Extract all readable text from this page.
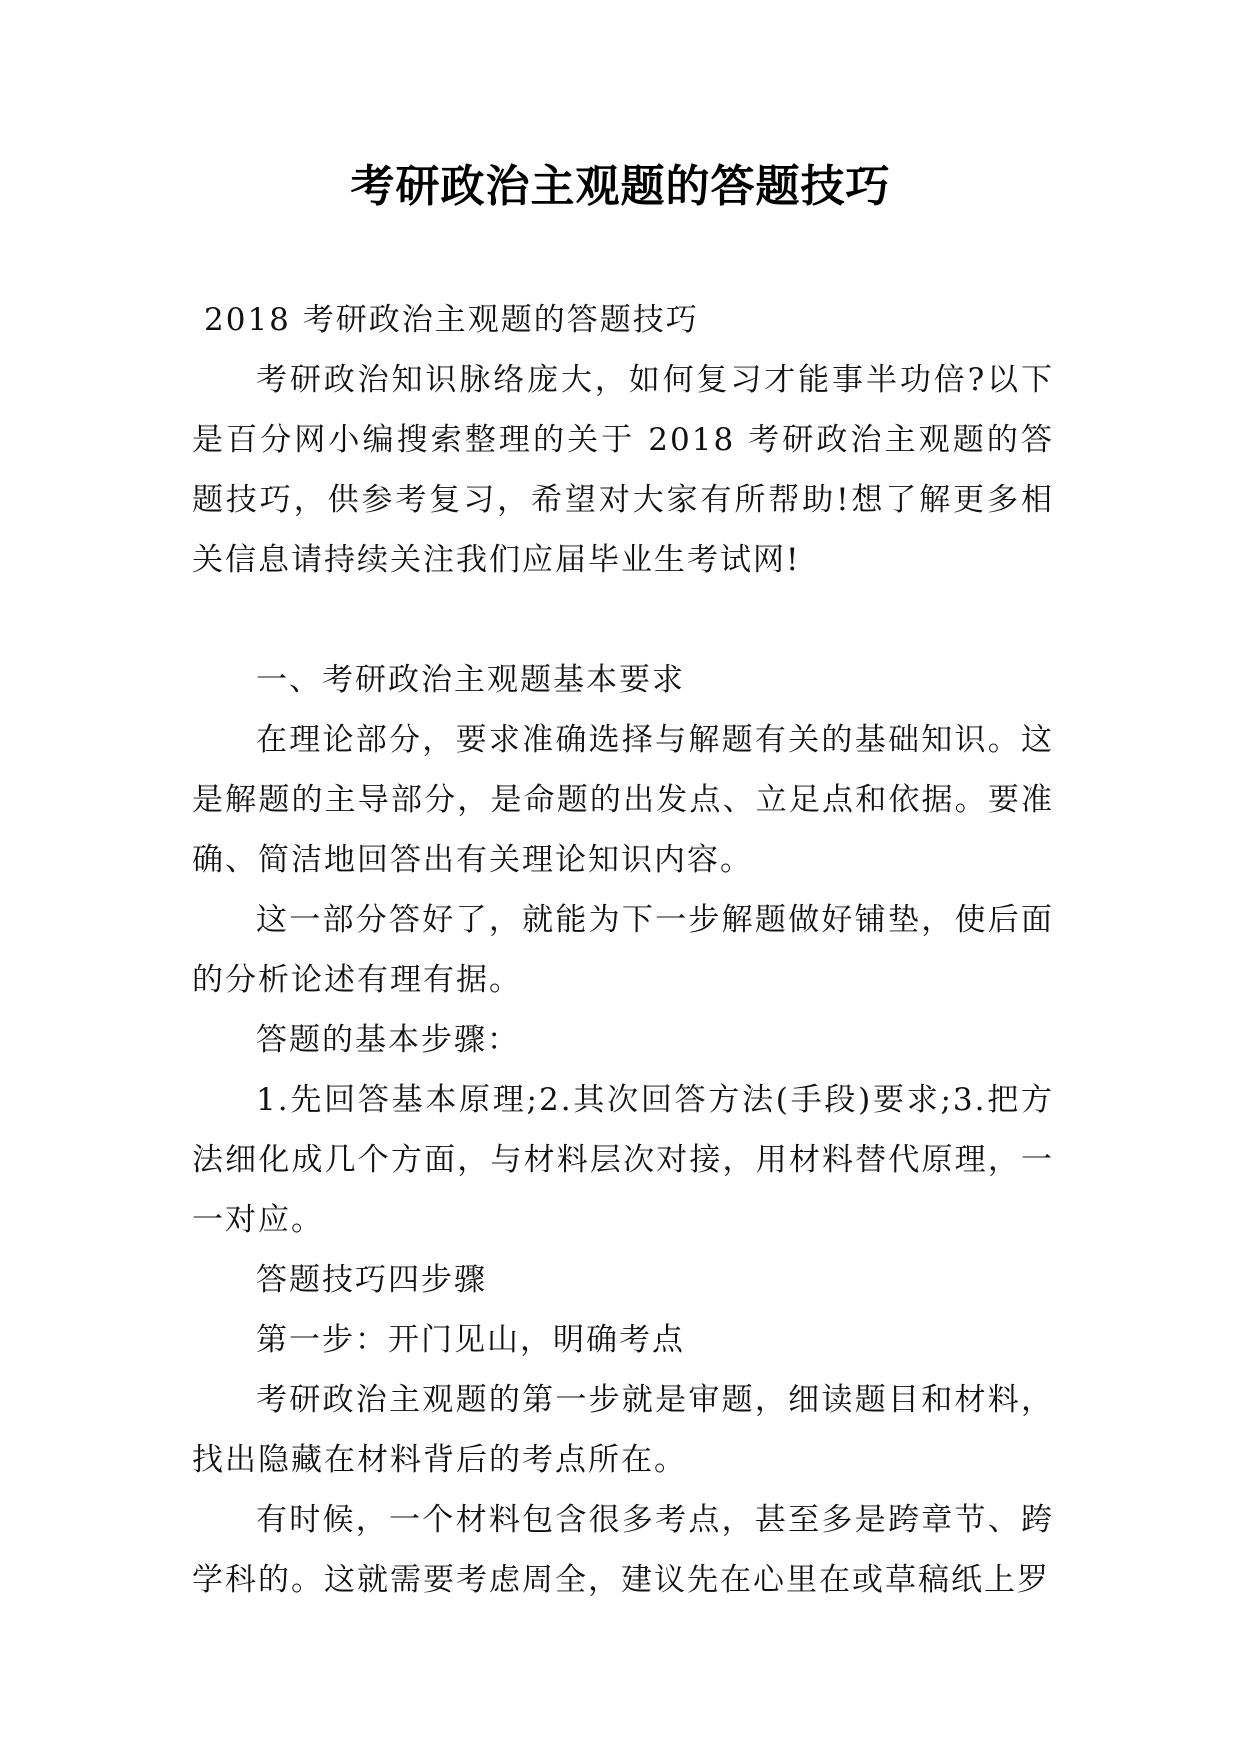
考研政治主观题的答题技巧

2018 考研政治主观题的答题技巧

考研政治知识脉络庞大，如何复习才能事半功倍?以下是百分网小编搜索整理的关于 2018 考研政治主观题的答题技巧，供参考复习，希望对大家有所帮助!想了解更多相关信息请持续关注我们应届毕业生考试网!

一、考研政治主观题基本要求

在理论部分，要求准确选择与解题有关的基础知识。这是解题的主导部分，是命题的出发点、立足点和依据。要准确、简洁地回答出有关理论知识内容。

这一部分答好了，就能为下一步解题做好铺垫，使后面的分析论述有理有据。

答题的基本步骤：

1.先回答基本原理;2.其次回答方法(手段)要求;3.把方法细化成几个方面，与材料层次对接，用材料替代原理，一一对应。

答题技巧四步骤

第一步：开门见山，明确考点

考研政治主观题的第一步就是审题，细读题目和材料，找出隐藏在材料背后的考点所在。

有时候，一个材料包含很多考点，甚至多是跨章节、跨学科的。这就需要考虑周全，建议先在心里在或草稿纸上罗
